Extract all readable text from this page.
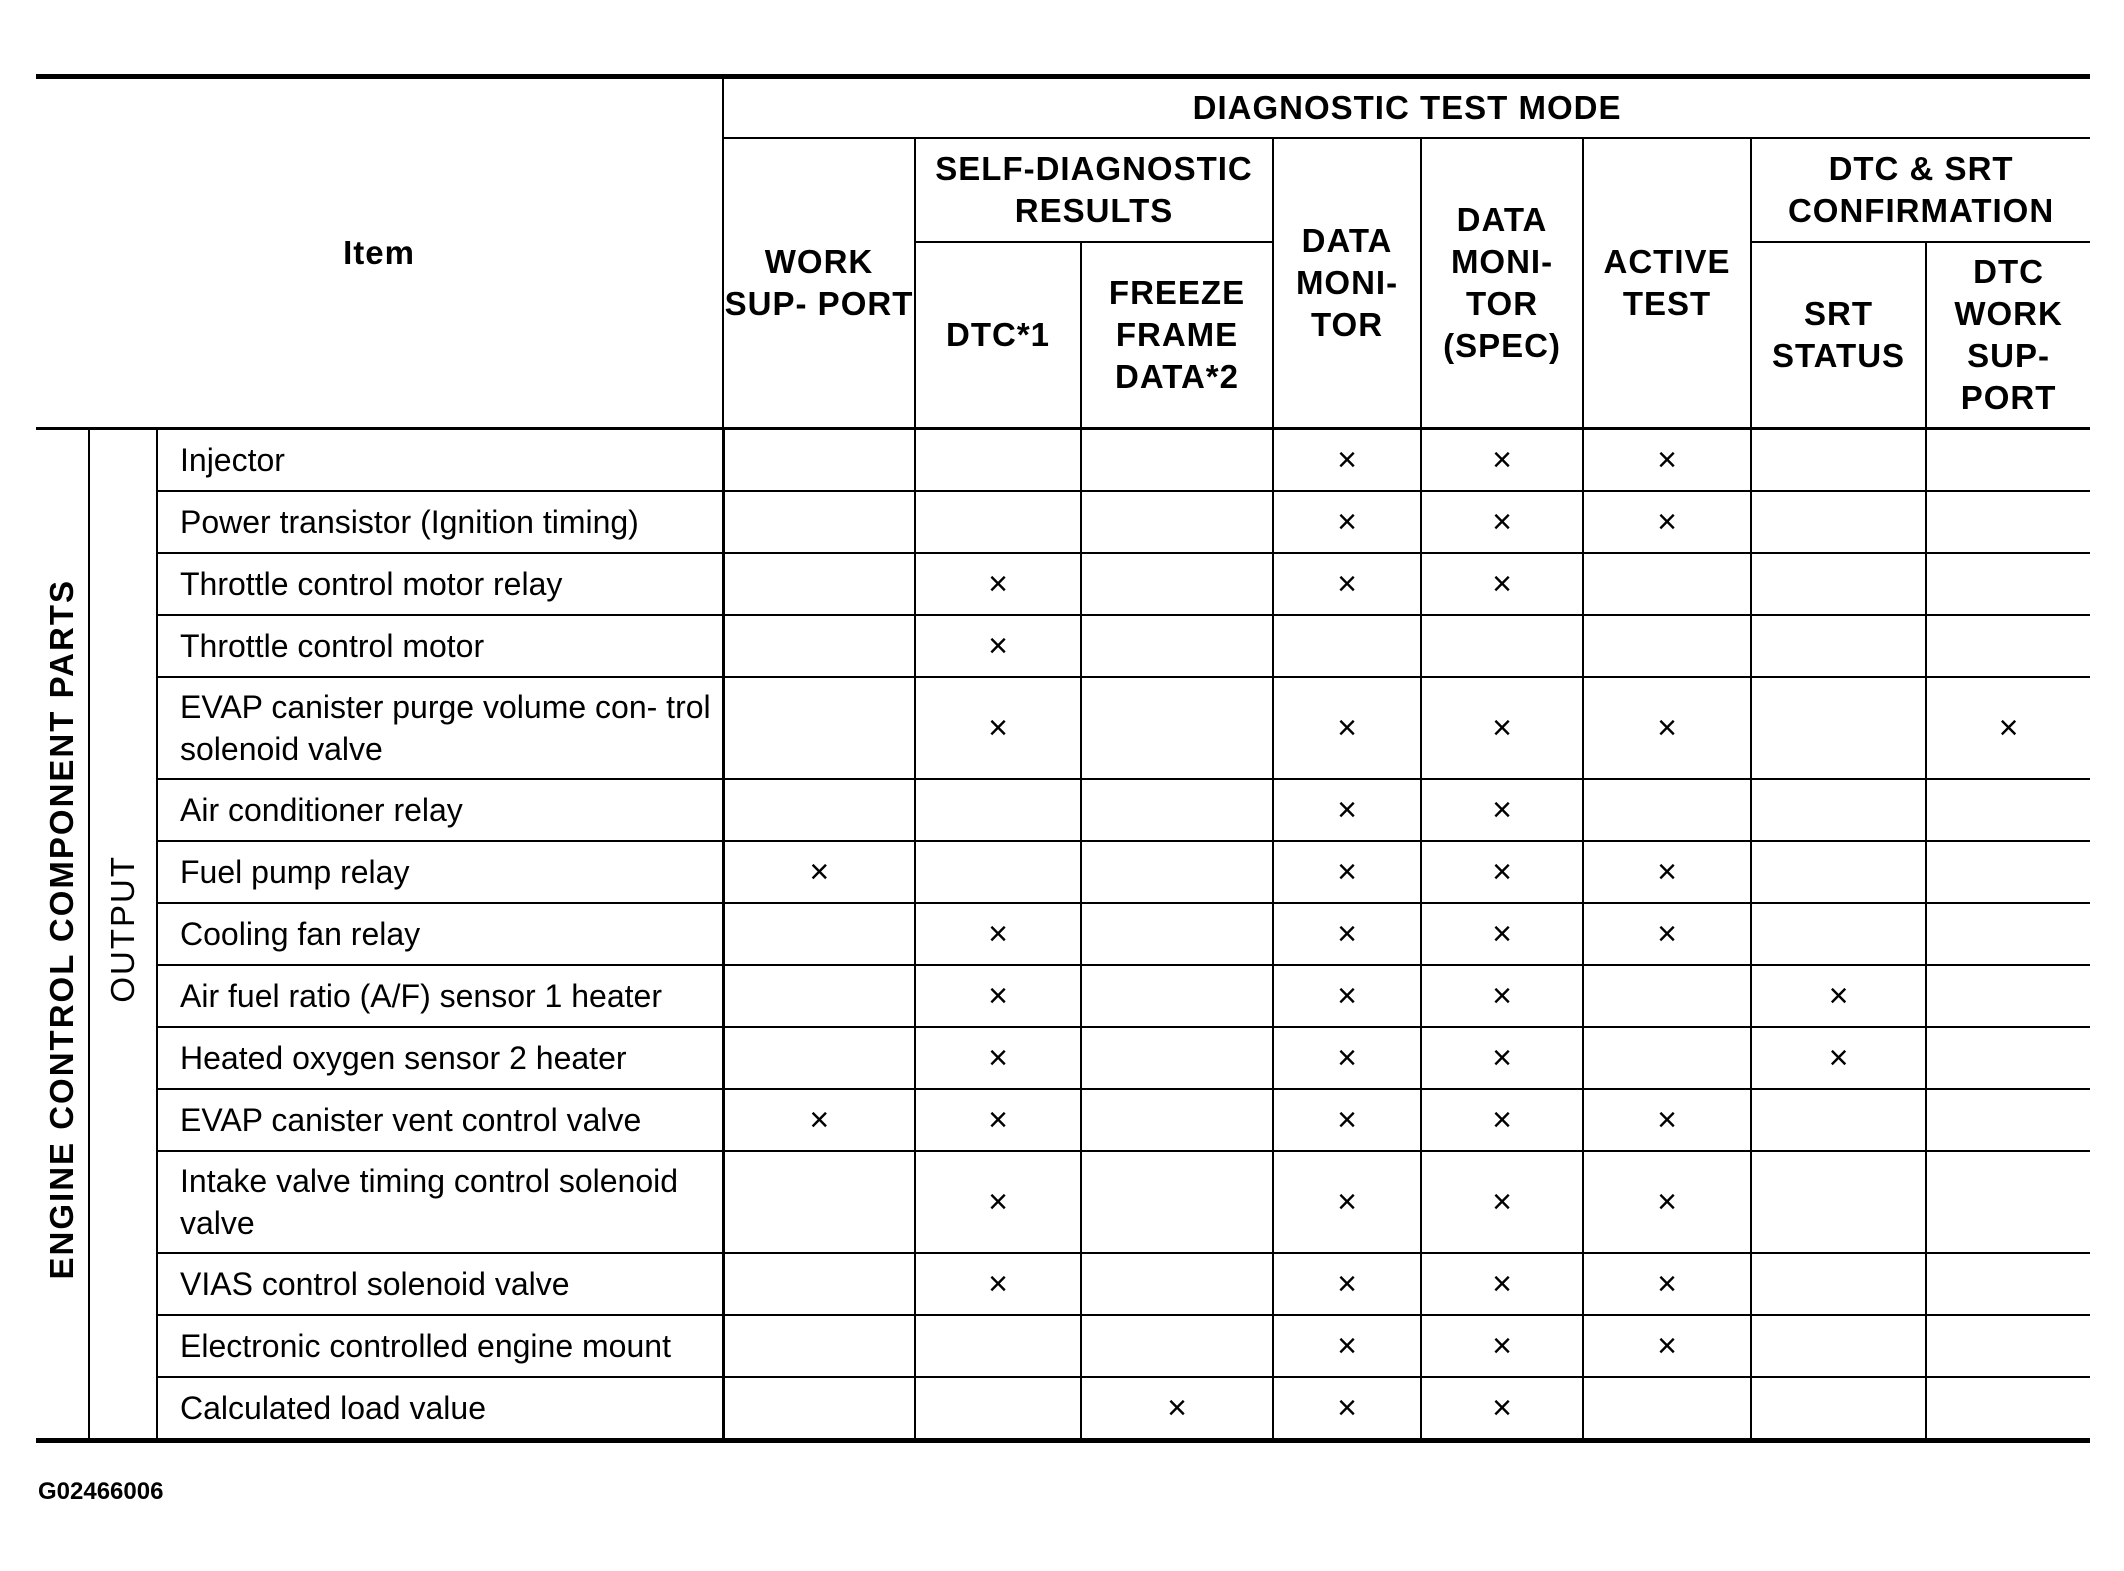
Item			DIAGNOSTIC TEST MODE							
			WORK SUP- PORT	SELF-DIAGNOSTIC RESULTS		DATA MONI- TOR	DATA MONI- TOR (SPEC)	ACTIVE TEST	DTC & SRT CONFIRMATION	
				DTC*1	FREEZE FRAME DATA*2				SRT STATUS	DTC WORK SUP- PORT
ENGINE CONTROL COMPONENT PARTS	OUTPUT	Injector				×	×	×		
		Power transistor (Ignition timing)				×	×	×		
		Throttle control motor relay		×		×	×			
		Throttle control motor		×						
		EVAP canister purge volume con- trol solenoid valve		×		×	×	×		×
		Air conditioner relay				×	×			
		Fuel pump relay	×			×	×	×		
		Cooling fan relay		×		×	×	×		
		Air fuel ratio (A/F) sensor 1 heater		×		×	×		×	
		Heated oxygen sensor 2 heater		×		×	×		×	
		EVAP canister vent control valve	×	×		×	×	×		
		Intake valve timing control solenoid valve		×		×	×	×		
		VIAS control solenoid valve		×		×	×	×		
		Electronic controlled engine mount				×	×	×		
		Calculated load value			×	×	×			
G02466006
